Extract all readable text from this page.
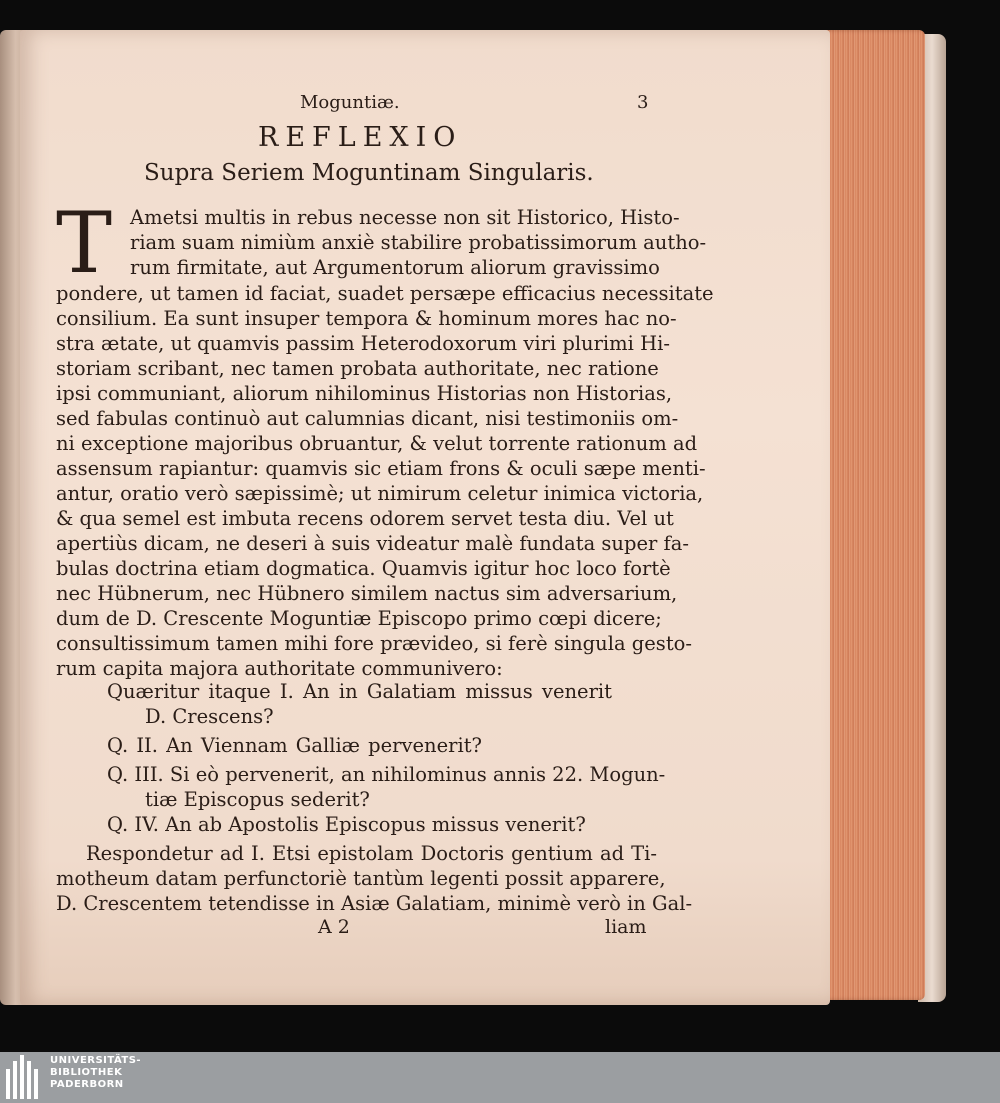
Moguntiæ.	3
REFLEXIO
Supra Seriem Moguntinam Singularis.
T Ametsi multis in rebus necesse non sit Historico, Histo-
riam suam nimiùm anxiè stabilire probatissimorum autho-
rum firmitate, aut Argumentorum aliorum gravissimo
pondere, ut tamen id faciat, suadet persæpe efficacius necessitate
consilium. Ea sunt insuper tempora & hominum mores hac no-
stra ætate, ut quamvis passim Heterodoxorum viri plurimi Hi-
storiam scribant, nec tamen probata authoritate, nec ratione
ipsi communiant, aliorum nihilominus Historias non Historias,
sed fabulas continuò aut calumnias dicant, nisi testimoniis om-
ni exceptione majoribus obruantur, & velut torrente rationum ad
assensum rapiantur: quamvis sic etiam frons & oculi sæpe menti-
antur, oratio verò sæpissimè; ut nimirum celetur inimica victoria,
& qua semel est imbuta recens odorem servet testa diu. Vel ut
apertiùs dicam, ne deseri à suis videatur malè fundata super fa-
bulas doctrina etiam dogmatica. Quamvis igitur hoc loco fortè
nec Hübnerum, nec Hübnero similem nactus sim adversarium,
dum de D. Crescente Moguntiæ Episcopo primo cœpi dicere;
consultissimum tamen mihi fore prævideo, si ferè singula gesto-
rum capita majora authoritate communivero:
Quæritur itaque I. An in Galatiam missus venerit
D. Crescens?
Q. II. An Viennam Galliæ pervenerit?
Q. III. Si eò pervenerit, an nihilominus annis 22. Mogun-
tiæ Episcopus sederit?
Q. IV. An ab Apostolis Episcopus missus venerit?
Respondetur ad I. Etsi epistolam Doctoris gentium ad Ti-
motheum datam perfunctoriè tantùm legenti possit apparere,
D. Crescentem tetendisse in Asiæ Galatiam, minimè verò in Gal-
A 2	liam
UNIVERSITÄTS-
BIBLIOTHEK
PADERBORN
